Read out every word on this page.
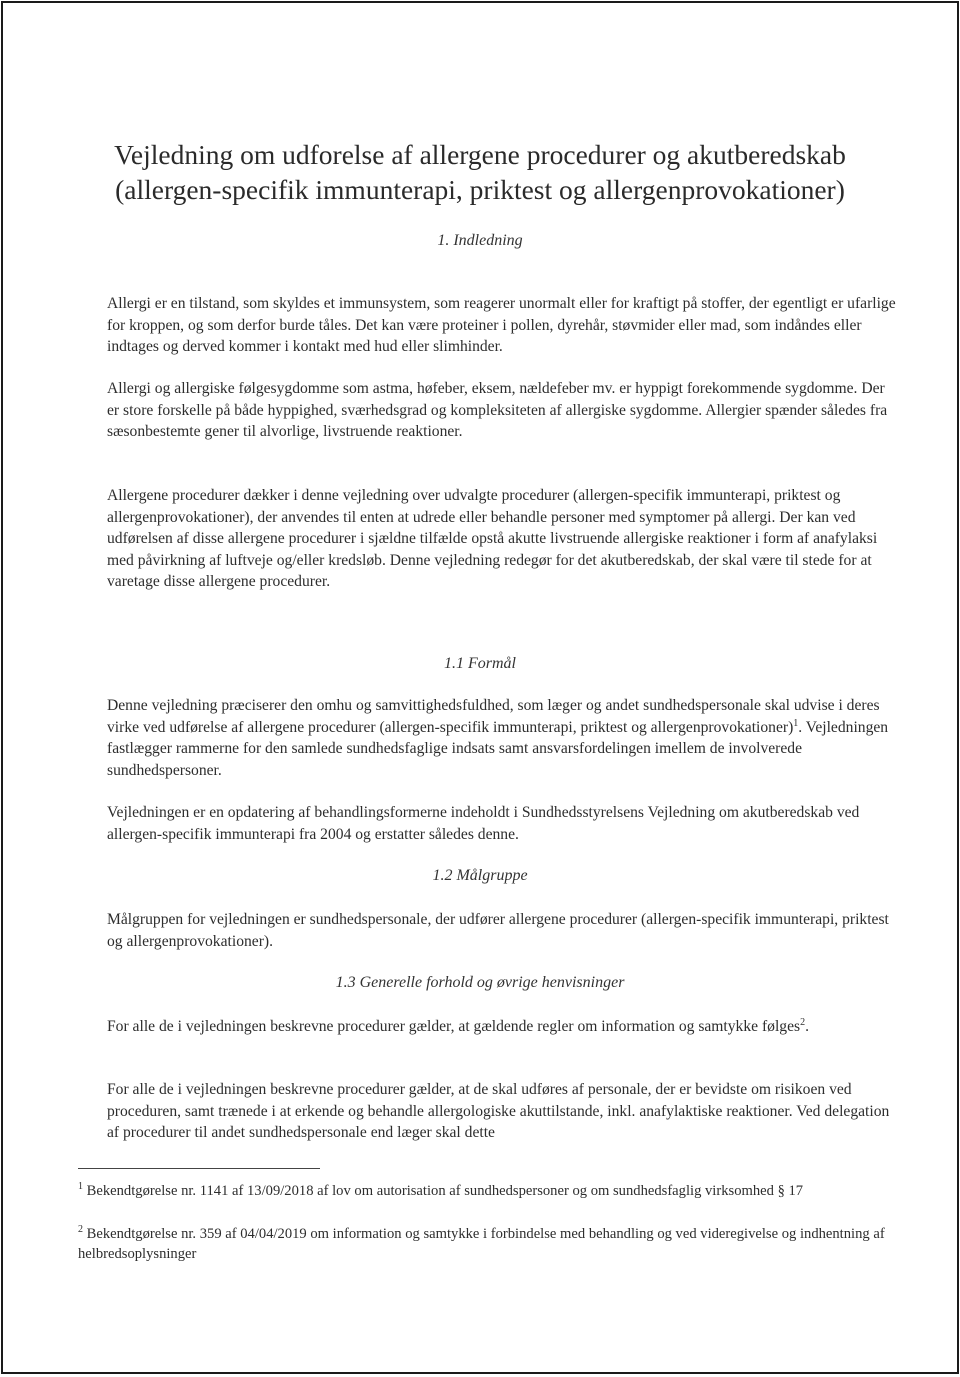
Vejledning om udforelse af allergene procedurer og akutberedskab
(allergen-specifik immunterapi, priktest og allergenprovokationer)
1. Indledning

Allergi er en tilstand, som skyldes et immunsystem, som reagerer unormalt eller for kraftigt på stoffer, der egentligt er ufarlige for kroppen, og som derfor burde tåles. Det kan være proteiner i pollen, dyrehår, støvmider eller mad, som indåndes eller indtages og derved kommer i kontakt med hud eller slimhinder.

Allergi og allergiske følgesygdomme som astma, høfeber, eksem, nældefeber mv. er hyppigt forekommende sygdomme. Der er store forskelle på både hyppighed, sværhedsgrad og kompleksiteten af allergiske sygdomme. Allergier spænder således fra sæsonbestemte gener til alvorlige, livstruende reaktioner.

Allergene procedurer dækker i denne vejledning over udvalgte procedurer (allergen-specifik immunterapi, priktest og allergenprovokationer), der anvendes til enten at udrede eller behandle personer med symptomer på allergi. Der kan ved udførelsen af disse allergene procedurer i sjældne tilfælde opstå akutte livstruende allergiske reaktioner i form af anafylaksi med påvirkning af luftveje og/eller kredsløb. Denne vejledning redegør for det akutberedskab, der skal være til stede for at varetage disse allergene procedurer.

1.1 Formål

Denne vejledning præciserer den omhu og samvittighedsfuldhed, som læger og andet sundhedspersonale skal udvise i deres virke ved udførelse af allergene procedurer (allergen-specifik immunterapi, priktest og allergenprovokationer)$^1$. Vejledningen fastlægger rammerne for den samlede sundhedsfaglige indsats samt ansvarsfordelingen imellem de involverede sundhedspersoner.

Vejledningen er en opdatering af behandlingsformerne indeholdt i Sundhedsstyrelsens Vejledning om akutberedskab ved allergen-specifik immunterapi fra 2004 og erstatter således denne.

1.2 Målgruppe

Målgruppen for vejledningen er sundhedspersonale, der udfører allergene procedurer (allergen-specifik immunterapi, priktest og allergenprovokationer).

1.3 Generelle forhold og øvrige henvisninger

For alle de i vejledningen beskrevne procedurer gælder, at gældende regler om information og samtykke følges$^2$.

For alle de i vejledningen beskrevne procedurer gælder, at de skal udføres af personale, der er bevidste om risikoen ved proceduren, samt trænede i at erkende og behandle allergologiske akuttilstande, inkl. anafylaktiske reaktioner. Ved delegation af procedurer til andet sundhedspersonale end læger skal dette

$^1$ Bekendtgørelse nr. 1141 af 13/09/2018 af lov om autorisation af sundhedspersoner og om sundhedsfaglig virksomhed § 17

$^2$ Bekendtgørelse nr. 359 af 04/04/2019 om information og samtykke i forbindelse med behandling og ved videregivelse og indhentning af helbredsoplysninger
